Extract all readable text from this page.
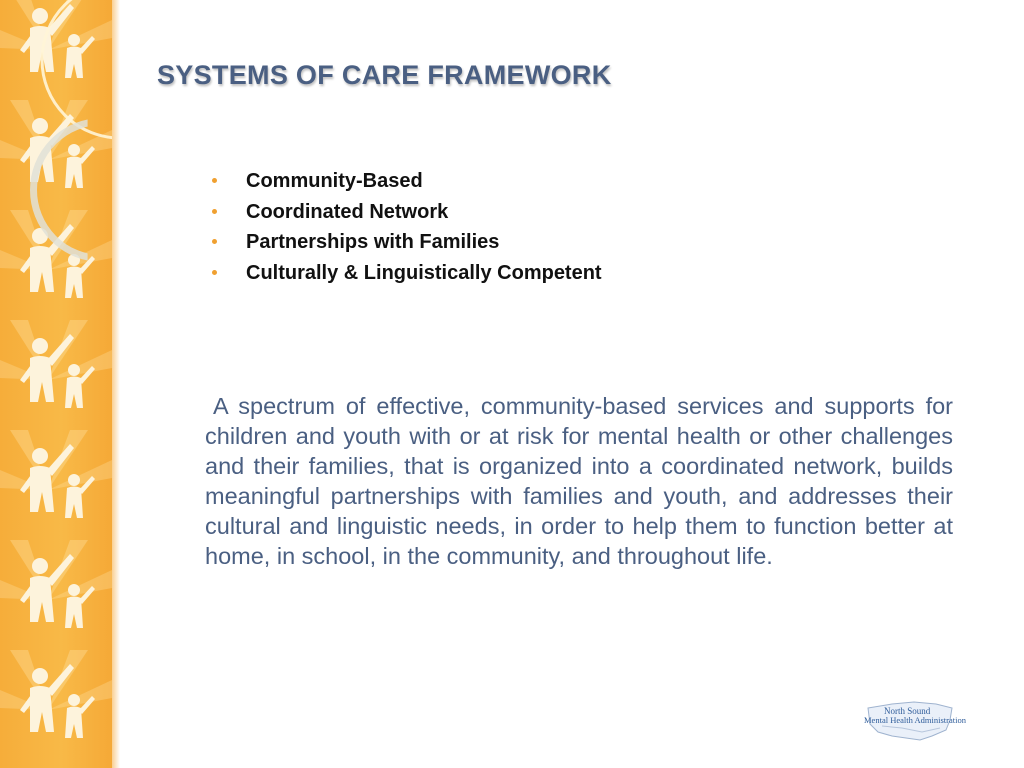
SYSTEMS OF CARE FRAMEWORK
Community-Based
Coordinated Network
Partnerships with Families
Culturally & Linguistically Competent

A spectrum of effective, community-based services and supports for children and youth with or at risk for mental health or other challenges and their families, that is organized into a coordinated network, builds meaningful partnerships with families and youth, and addresses their cultural and linguistic needs, in order to help them to function better at home, in school, in the community, and throughout life.

North Sound
Mental Health Administration
